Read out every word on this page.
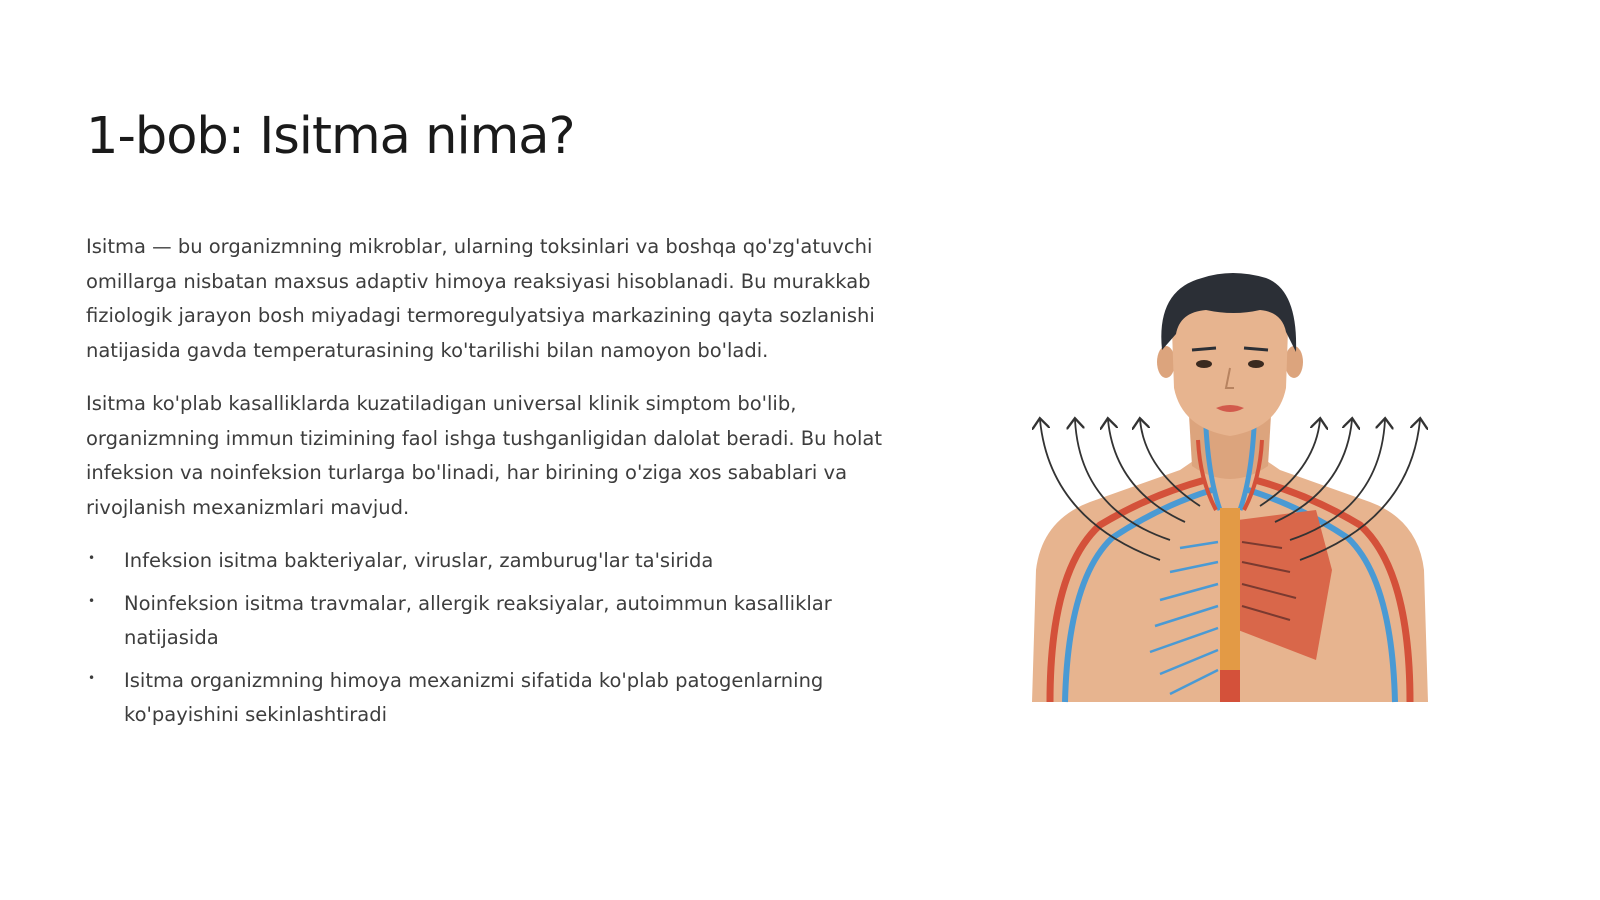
1-bob: Isitma nima?

Isitma — bu organizmning mikroblar, ularning toksinlari va boshqa qo'zg'atuvchi omillarga nisbatan maxsus adaptiv himoya reaksiyasi hisoblanadi. Bu murakkab fiziologik jarayon bosh miyadagi termoregulyatsiya markazining qayta sozlanishi natijasida gavda temperaturasining ko'tarilishi bilan namoyon bo'ladi.

Isitma ko'plab kasalliklarda kuzatiladigan universal klinik simptom bo'lib, organizmning immun tizimining faol ishga tushganligidan dalolat beradi. Bu holat infeksion va noinfeksion turlarga bo'linadi, har birining o'ziga xos sabablari va rivojlanish mexanizmlari mavjud.

• Infeksion isitma bakteriyalar, viruslar, zamburug'lar ta'sirida
• Noinfeksion isitma travmalar, allergik reaksiyalar, autoimmun kasalliklar natijasida
• Isitma organizmning himoya mexanizmi sifatida ko'plab patogenlarning ko'payishini sekinlashtiradi
